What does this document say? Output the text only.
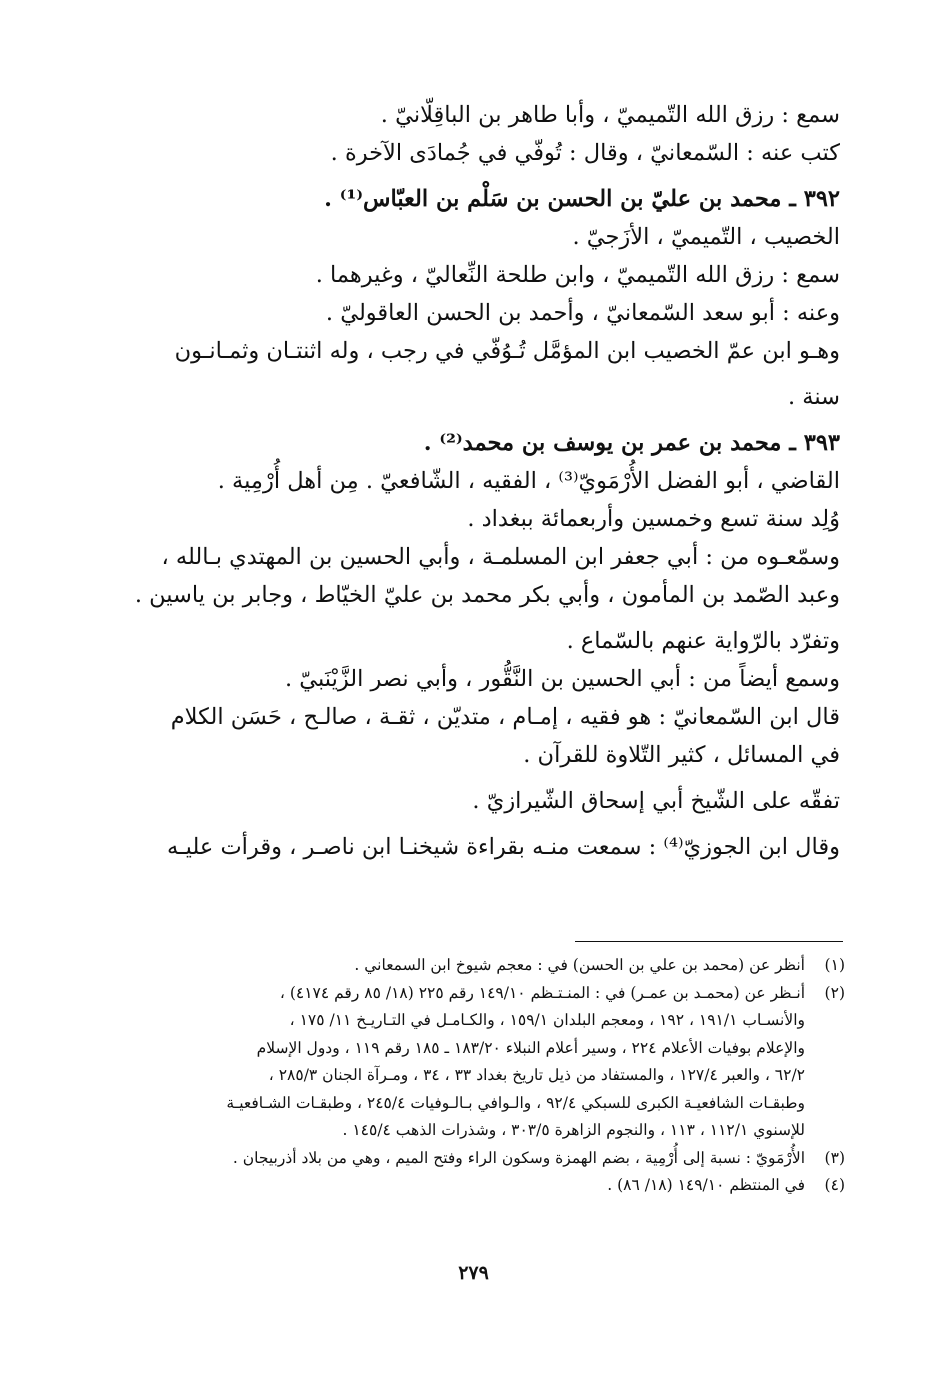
سمع : رزق الله التّميميّ ، وأبا طاهر بن الباقِلّانيّ .
كتب عنه : السّمعانيّ ، وقال : تُوفّي في جُمادَى الآخرة .
٣٩٢ ـ محمد بن عليّ بن الحسن بن سَلْم بن العبّاس⁽¹⁾ .
الخصيب ، التّميميّ ، الأزَجيّ .
سمع : رزق الله التّميميّ ، وابن طلحة النِّعاليّ ، وغيرهما .
وعنه : أبو سعد السّمعانيّ ، وأحمد بن الحسن العاقوليّ .
وهـو ابن عمّ الخصيب ابن المؤمَّل تُـوُفّي في رجب ، وله اثنتـان وثمـانـون
سنة .
٣٩٣ ـ محمد بن عمر بن يوسف بن محمد⁽²⁾ .
القاضي ، أبو الفضل الأُرْمَويّ⁽³⁾ ، الفقيه ، الشّافعيّ . مِن أهل أُرْمِية .
وُلِد سنة تسع وخمسين وأربعمائة ببغداد .
وسمّعـوه من : أبي جعفر ابن المسلمـة ، وأبي الحسين بن المهتدي بـالله ،
وعبد الصّمد بن المأمون ، وأبي بكر محمد بن عليّ الخيّاط ، وجابر بن ياسين .
وتفرّد بالرّواية عنهم بالسّماع .
وسمع أيضاً من : أبي الحسين بن النَّقُّور ، وأبي نصر الزَّيْنَبيّ .
قال ابن السّمعانيّ : هو فقيه ، إمـام ، متديّن ، ثقـة ، صالـح ، حَسَن الكلام
في المسائل ، كثير التّلاوة للقرآن .
تفقّه على الشّيخ أبي إسحاق الشّيرازيّ .
وقال ابن الجوزيّ⁽⁴⁾ : سمعت منـه بقراءة شيخنـا ابن ناصـر ، وقرأت عليـه
(١)
أنظر عن (محمد بن علي بن الحسن) في : معجم شيوخ ابن السمعاني .
(٢)
أنـظر عن (محمـد بن عمـر) في : المنـتـظم ١٤٩/١٠ رقم ٢٢٥ (١٨/ ٨٥ رقم ٤١٧٤) ،
والأنسـاب ١٩١/١ ، ١٩٢ ، ومعجم البلدان ١٥٩/١ ، والكـامـل في التـاريـخ ١١/ ١٧٥ ،
والإعلام بوفيات الأعلام ٢٢٤ ، وسير أعلام النبلاء ١٨٣/٢٠ ـ ١٨٥ رقم ١١٩ ، ودول الإسلام
٦٢/٢ ، والعبر ١٢٧/٤ ، والمستفاد من ذيل تاريخ بغداد ٣٣ ، ٣٤ ، ومـرآة الجنان ٢٨٥/٣ ،
وطبقـات الشافعيـة الكبرى للسبكي ٩٢/٤ ، والـوافي بـالـوفيات ٢٤٥/٤ ، وطبقـات الشـافعيـة
للإسنوي ١١٢/١ ، ١١٣ ، والنجوم الزاهرة ٣٠٣/٥ ، وشذرات الذهب ١٤٥/٤ .
(٣)
الأُرْمَويّ : نسبة إلى أُرْمِية ، بضم الهمزة وسكون الراء وفتح الميم ، وهي من بلاد أذربيجان .
(٤)
في المنتظم ١٤٩/١٠ (١٨/ ٨٦) .
٢٧٩
